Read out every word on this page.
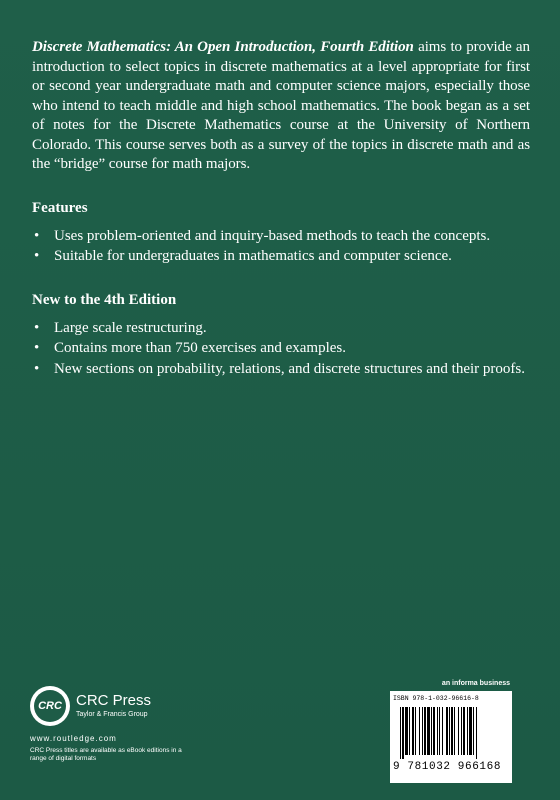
Discrete Mathematics: An Open Introduction, Fourth Edition aims to provide an introduction to select topics in discrete mathematics at a level appropriate for first or second year undergraduate math and computer science majors, especially those who intend to teach middle and high school mathematics. The book began as a set of notes for the Discrete Mathematics course at the University of Northern Colorado. This course serves both as a survey of the topics in discrete math and as the “bridge” course for math majors.

Features
• Uses problem-oriented and inquiry-based methods to teach the concepts.
• Suitable for undergraduates in mathematics and computer science.
New to the 4th Edition
• Large scale restructuring.
• Contains more than 750 exercises and examples.
• New sections on probability, relations, and discrete structures and their proofs.
CRC CRC Press
Taylor & Francis Group
www.routledge.com
CRC Press titles are available as eBook editions in a range of digital formats
an informa business
ISBN 978-1-032-96616-8
9 781032 966168
